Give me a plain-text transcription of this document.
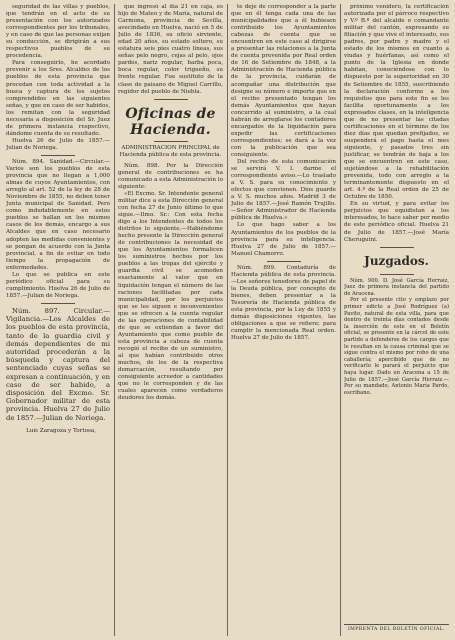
seguridad de las villas y pueblos, que tendrán en el acto de su presentación con los autorizados correspondientes por los tribunales, y en caso de que las personas exijan su conducción, se dirigirán a sus respectivos pueblos de su procedencia.

Para conseguirlo, he acordado prevenir a los Sres. Alcaldes de los pueblos de esta provincia que procedan con toda actividad a la busca y captura de los sujetos comprendidos en las siguientes señas, y que en caso de ser habidos, los remitan con la seguridad necesaria a disposición del Sr. Juez de primera instancia respectivo, dándome cuenta de su resultado.

Huelva 26 de Julio de 1857.—Julian de Noriega.

Núm. 894. Sanidad.—Circular.—Varios son los pueblos de esta provincia que no llegan a 1,000 almas de cuyos Ayuntamientos, con arreglo al art. 52 de la ley de 28 de Noviembre de 1855, no deben tener Junta municipal de Sanidad. Pero como indudablemente en estos pueblos se hallan en los mismos casos de los demás, encargo a sus Alcaldes que en caso necesario adopten las medidas convenientes y se pongan de acuerdo con la Junta provincial, a fin de evitar en todo tiempo la propagación de enfermedades.

Lo que se publica en este periódico oficial para su cumplimiento. Huelva 26 de Julio de 1857.—Julian de Noriega.

Núm. 897. Circular.—Vigilancia.—Los Alcaldes de los pueblos de esta provincia, tanto de la guardia civil y demás dependientes de mi autoridad procederán a la búsqueda y captura del sentenciado cuyas señas se expresan a continuación, y en caso de ser habido, a disposición del Excmo. Sr. Gobernador militar de esta provincia. Huelva 27 de Julio de 1857.—Julian de Noriega.

Luis Zaragoza y Tortosa,

que ingresó al día 21 en caja, es hijo de Mateo y de María, natural de Carmona, provincia de Sevilla, avecindado en Huelva, nació en 5 de Julio de 1836, su oficio sirviente, edad 20 años, su estado soltero, su estatura seis pies cuatro líneas, sus señas pelo negro, cejas al pelo, ojos pardos, nariz regular, barba poca, boca regular, color trigueño, su frente regular. Fue sustituto de la clase de paisano de Miguel Carrillo, regidor del pueblo de Niebla.

Oficinas de Hacienda.

ADMINISTRACION PRINCIPAL de Hacienda pública de esta provincia.

Núm. 898. Por la Dirección general de contribuciones se ha comunicado a esta Administración lo siguiente:

«El Excmo. Sr. Intendente general militar dice a esta Dirección general con fecha 27 de Junio último lo que sigue.—Ilmo. Sr.: Con esta fecha digo a los Intendentes de todos los distritos lo siguiente.—Habiéndome hecho presente la Dirección general de contribuciones la necesidad de que los Ayuntamientos formalicen los suministros hechos por los pueblos a las tropas del ejército y guardia civil se acomoden exactamente al valor que en liquidación tengan el número de las raciones facilitadas por cada municipalidad, por los perjuicios que se les siguen e inconvenientes que se ofrecen a la cuenta regular de las operaciones de contabilidad de que se extiendan a favor del Ayuntamiento que como pueblo de esta provincia a cabeza de cuenta recogió el recibo de un suministro, al que habían contribuido otros muchos, de los de la respectiva demarcación, resultando por consiguiente acreedor a cantidades que no le corresponden y de las cuales aparecen como verdaderos deudores los demás.

te deje de corresponder a la parte que en él tenga cada una de las municipalidades que a él hubiesen contribuido los Ayuntamientos cabezas de cuenta que se encuentren en este caso al dirigirse a presentar las relaciones a la Junta de cuenta prevenida por Real orden de 16 de Setiembre de 1848, a la Administración de Hacienda pública de la provincia, cuidarán de acompañar una distribución que designe su número e importe que en el recibo presentado tengan los demás Ayuntamientos que hayan concurrido al suministro, a la cual habrán de arreglarse los contadores encargados de la liquidación para expedir las certificaciones correspondientes; se dará a la vez con la publicación que sea consiguiente.

Del recibo de esta comunicación se servirá V. I. darme el correspondiente aviso.—Lo traslado a V. S. para su conocimiento y efectos que convienen. Dios guarde a V. S. muchos años. Madrid 3 de Julio de 1857.—José Ramón Trujillo.—Señor Administrador de Hacienda pública de Huelva.»

Lo que hago saber a los Ayuntamientos de los pueblos de la provincia para su inteligencia. Huelva 27 de Julio de 1857.—Manuel Chamorro.

Núm. 899. Contaduría de Hacienda pública de esta provincia.—Los señores tenedores de papel de la Deuda pública, por concepto de bienes, deben presentar a la Tesorería de Hacienda pública de esta provincia, por la Ley de 1855 y demás disposiciones vigentes, las obligaciones a que se refiere; para cumplir la mencionada Real orden. Huelva 27 de Julio de 1857.

próximo venidero, la certificación autorizada por el párroco respectivo y V.º B.º del alcalde o comandante militar del cantón, expresando su filiación y que vive el interesado, sus padres, por padre y madre y el estado de los mismos en cuanto a viudas y huérfanas, así como el punto de la Iglesia en donde habitan, conociéndose con lo dispuesto por la superioridad en 30 de Setiembre de 1855, suscribiendo la declaración conforme a los requisitos que para este fin se les facilita oportunamente a los expresados clases, en la inteligencia que de no presentar las citadas certificaciones en el término de los diez días que quedan prefijados, se suspenderá el pago hasta el mes siguiente, y pasados tres sin justificar, se tendrán de baja a los que se encuentren en este caso, sujetándose a la rehabilitación prevenida, todo con arreglo a la terminantemente dispuesto en el art. 4.º de la Real orden de 25 de Octubre de 1850.

En su virtud, y para evitar los perjuicios que equidistan a los interesados, lo hace saber por medio de este periódico oficial. Huelva 21 de Julio de 1857.—José María Cheruguini.

Juzgados.

Núm. 900. D. José García Herraiz, Juez de primera instancia del partido de Aracena.

Por el presente cito y emplazo por primer edicto a José Rodríguez (a) Pavito, natural de esta villa, para que dentro de treinta días contados desde la inserción de este en el Boletín oficial, se presente en la cárcel de este partido a defenderse de los cargos que le resultan en la causa criminal que se sigue contra el mismo por robo de una caballería; apercibido que de no verificarlo le parará el perjuicio que haya lugar. Dado en Aracena a 15 de Julio de 1857.—José García Herraiz.—Por su mandado, Antonio María Pardo, escribano.

IMPRENTA DEL BOLETÍN OFICIAL.
